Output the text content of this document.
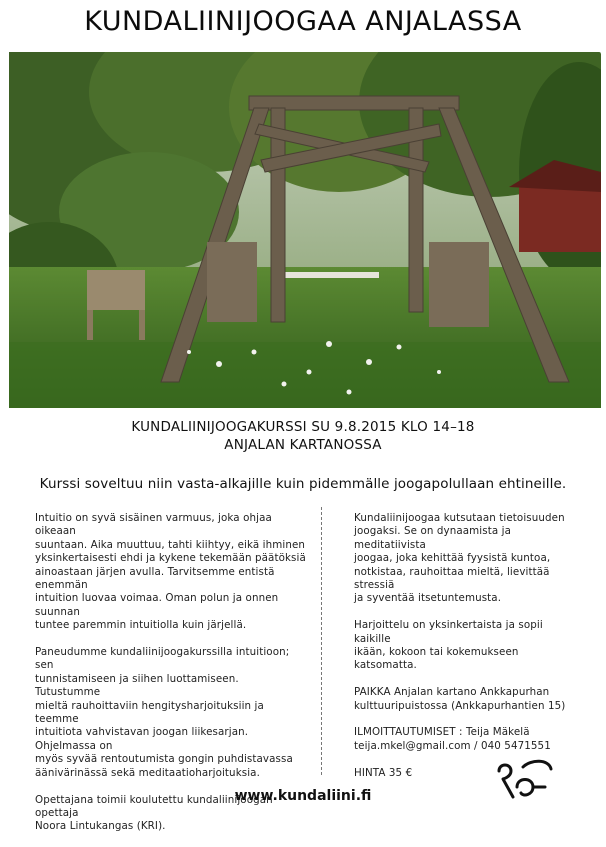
KUNDALIINIJOOGAA ANJALASSA
KUNDALIINIJOOGAKURSSI SU 9.8.2015 KLO 14–18
ANJALAN KARTANOSSA
Kurssi soveltuu niin vasta-alkajille kuin pidemmälle joogapolullaan ehtineille.

Intuitio on syvä sisäinen varmuus, joka ohjaa oikeaan
suuntaan. Aika muuttuu, tahti kiihtyy, eikä ihminen
yksinkertaisesti ehdi ja kykene tekemään päätöksiä
ainoastaan järjen avulla. Tarvitsemme entistä enemmän
intuition luovaa voimaa. Oman polun ja onnen suunnan
tuntee paremmin intuitiolla kuin järjellä.

Paneudumme kundaliinijoogakurssilla intuitioon; sen
tunnistamiseen ja siihen luottamiseen. Tutustumme
mieltä rauhoittaviin hengitysharjoituksiin ja teemme
intuitiota vahvistavan joogan liikesarjan. Ohjelmassa on
myös syvää rentoutumista gongin puhdistavassa
äänivärinässä sekä meditaatioharjoituksia.

Opettajana toimii koulutettu kundaliinijoogan opettaja
Noora Lintukangas (KRI).

Kundaliinijoogaa kutsutaan tietoisuuden
joogaksi. Se on dynaamista ja meditatiivista
joogaa, joka kehittää fyysistä kuntoa,
notkistaa, rauhoittaa mieltä, lievittää stressiä
ja syventää itsetuntemusta.

Harjoittelu on yksinkertaista ja sopii kaikille
ikään, kokoon tai kokemukseen katsomatta.

PAIKKA Anjalan kartano Ankkapurhan
kulttuuripuistossa (Ankkapurhantien 15)

ILMOITTAUTUMISET : Teija Mäkelä
teija.mkel@gmail.com / 040 5471551

HINTA 35 €

www.kundaliini.fi
